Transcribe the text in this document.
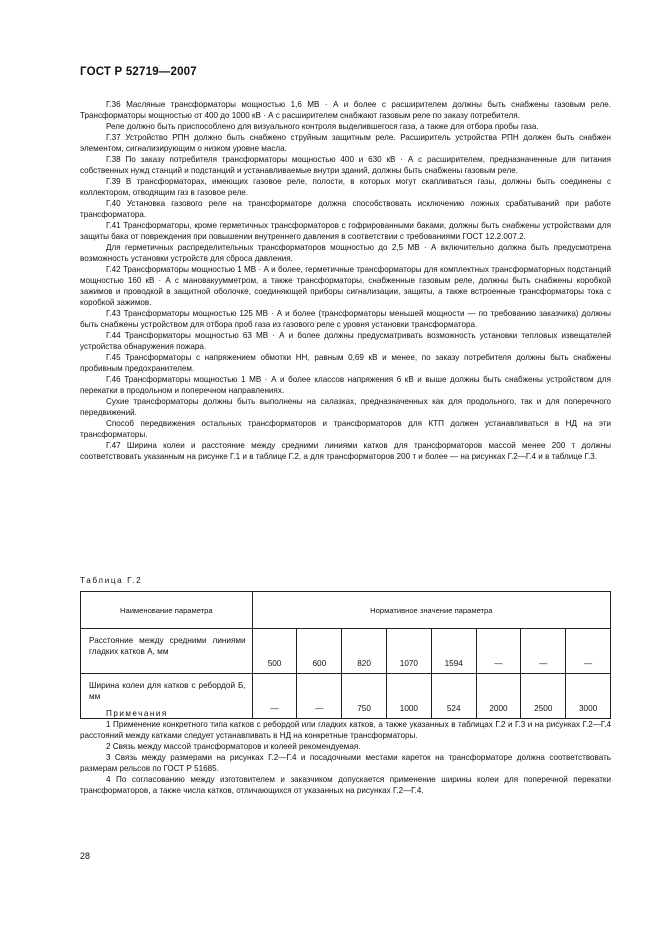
ГОСТ Р 52719—2007

Г.36 Масляные трансформаторы мощностью 1,6 МВ · А и более с расширителем должны быть снабжены газовым реле. Трансформаторы мощностью от 400 до 1000 кВ · А с расширителем снабжают газовым реле по заказу потребителя.

Реле должно быть приспособлено для визуального контроля выделившегося газа, а также для отбора пробы газа.

Г.37 Устройство РПН должно быть снабжено струйным защитным реле. Расширитель устройства РПН должен быть снабжен элементом, сигнализирующим о низком уровне масла.

Г.38 По заказу потребителя трансформаторы мощностью 400 и 630 кВ · А с расширителем, предназначенные для питания собственных нужд станций и подстанций и устанавливаемые внутри зданий, должны быть снабжены газовым реле.

Г.39 В трансформаторах, имеющих газовое реле, полости, в которых могут скапливаться газы, должны быть соединены с коллектором, отводящим газ в газовое реле.

Г.40 Установка газового реле на трансформаторе должна способствовать исключению ложных срабатываний при работе трансформатора.

Г.41 Трансформаторы, кроме герметичных трансформаторов с гофрированными баками, должны быть снабжены устройствами для защиты бака от повреждения при повышении внутреннего давления в соответствии с требованиями ГОСТ 12.2.007.2.

Для герметичных распределительных трансформаторов мощностью до 2,5 МВ · А включительно должна быть предусмотрена возможность установки устройств для сброса давления.

Г.42 Трансформаторы мощностью 1 МВ · А и более, герметичные трансформаторы для комплектных трансформаторных подстанций мощностью 160 кВ · А с мановакуумметром, а также трансформаторы, снабженные газовым реле, должны быть снабжены коробкой зажимов и проводкой в защитной оболочке, соединяющей приборы сигнализации, защиты, а также встроенные трансформаторы тока с коробкой зажимов.

Г.43 Трансформаторы мощностью 125 МВ · А и более (трансформаторы меньшей мощности — по требованию заказчика) должны быть снабжены устройством для отбора проб газа из газового реле с уровня установки трансформатора.

Г.44 Трансформаторы мощностью 63 МВ · А и более должны предусматривать возможность установки тепловых извещателей устройства обнаружения пожара.

Г.45 Трансформаторы с напряжением обмотки НН, равным 0,69 кВ и менее, по заказу потребителя должны быть снабжены пробивным предохранителем.

Г.46 Трансформаторы мощностью 1 МВ · А и более классов напряжения 6 кВ и выше должны быть снабжены устройством для перекатки в продольном и поперечном направлениях.

Сухие трансформаторы должны быть выполнены на салазках, предназначенных как для продольного, так и для поперечного передвижений.

Способ передвижения остальных трансформаторов и трансформаторов для КТП должен устанавливаться в НД на эти трансформаторы.

Г.47 Ширина колеи и расстояние между средними линиями катков для трансформаторов массой менее 200 т должны соответствовать указанным на рисунке Г.1 и в таблице Г.2, а для трансформаторов 200 т и более — на рисунках Г.2—Г.4 и в таблице Г.3.

Таблица Г.2
Наименование параметра	Нормативное значение параметра							
Расстояние между средними линиями гладких катков А, мм	500	600	820	1070	1594	—	—	—
Ширина колеи для катков с ребордой Б, мм	—	—	750	1000	524	2000	2500	3000

Примечания

1 Применение конкретного типа катков с ребордой или гладких катков, а также указанных в таблицах Г.2 и Г.3 и на рисунках Г.2—Г.4 расстояний между катками следует устанавливать в НД на конкретные трансформаторы.

2 Связь между массой трансформаторов и колеей рекомендуемая.

3 Связь между размерами на рисунках Г.2—Г.4 и посадочными местами кареток на трансформаторе должна соответствовать размерам рельсов по ГОСТ Р 51685.

4 По согласованию между изготовителем и заказчиком допускается применение ширины колеи для поперечной перекатки трансформаторов, а также числа катков, отличающихся от указанных на рисунках Г.2—Г.4.

28
